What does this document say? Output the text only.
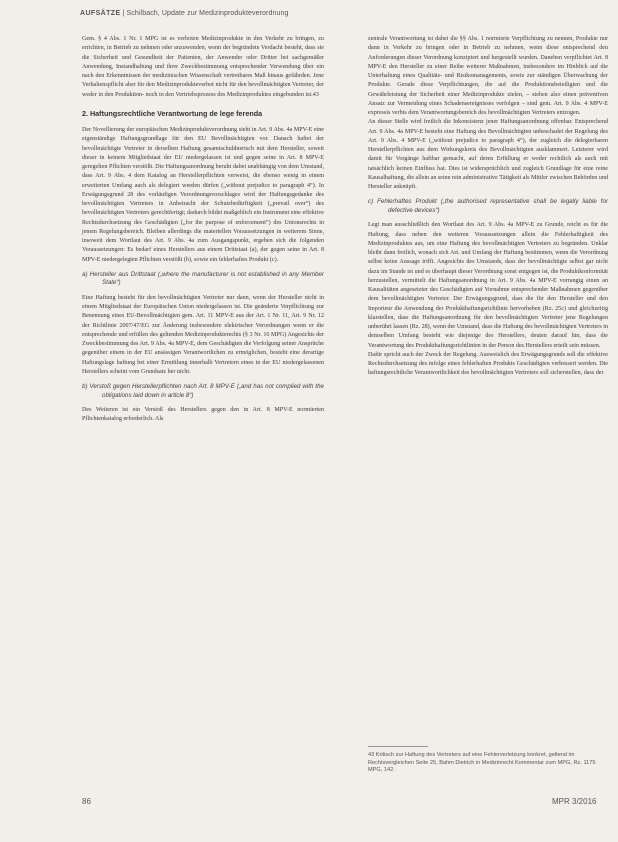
AUFSÄTZE | Schilbach, Update zur Medizinprodukteverordnung

Gem. § 4 Abs. 1 Nr. 1 MPG ist es verboten Medizinprodukte in den Verkehr zu bringen, zu errichten, in Betrieb zu nehmen oder anzuwenden, wenn der begründete Verdacht besteht, dass sie die Sicherheit und Gesundheit der Patienten, der Anwender oder Dritter bei sachgemäßer Anwendung, Instandhaltung und ihrer Zweckbestimmung entsprechender Verwendung über ein nach den Erkenntnissen der medizinischen Wissenschaft vertretbares Maß hinaus gefährden. Jene Verhaltenspflicht aber für den Medizinprodukteverbot nicht für den bevollmächtigten Vertreter, der weder in den Produktion- noch in den Vertriebsprozess des Medizinproduktes eingebunden ist.43

2. Haftungsrechtliche Verantwortung de lege ferenda

Der Novellierung der europäischen Medizinproduktverordnung sieht in Art. 9 Abs. 4a MPV-E eine eigenständige Haftungsgrundlage für den EU Bevollmächtigten vor. Danach haftet der bevollmächtigte Vertreter in derselben Haftung gesamtschuldnerisch mit dem Hersteller, soweit dieser in keinem Mitgliedstaat der EU niedergelassen ist und gegen seine in Art. 8 MPV-E geregelten Pflichten verstößt. Die Haftungsanordnung beruht dabei unabhängig von dem Umstand, dass Art. 9 Abs. 4 dem Katalog an Herstellerpflichten verweist, die ebenso wenig in einem erweiterten Umfang auch als delegiert werden dürfen („without prejudice to paragraph 4“). In Erwägungsgrund 28 des vorläufigen Verordnungsvorschlages wird der Haftungsgedanke des bevollmächtigten Vertreters in Anbetracht der Schutzbedürftigkeit („prevail over“) des bevollmächtigten Vertreters gerechtfertigt; dadurch bildet maßgeblich ein Instrument eine effektive Rechtsdurchsetzung des Geschädigten („for the purpose of enforcement“) des Unionsrechts in jenem Regelungsbereich. Bleiben allerdings die materiellen Voraussetzungen in weiterem Sinne, insoweit dem Wortlaut des Art. 9 Abs. 4a zum Ausgangspunkt, ergeben sich die folgenden Voraussetzungen: Es bedarf eines Herstellers aus einem Drittstaat (a), der gegen seine in Art. 8 MPV-E niedergelegten Pflichten verstößt (b), sowie ein fehlerhaftes Produkt (c).

a) Hersteller aus Drittstaat („where the manufacturer is not established in any Member State“)

Eine Haftung besteht für den bevollmächtigten Vertreter nur dann, wenn der Hersteller nicht in einem Mitgliedstaat der Europäischen Union niedergelassen ist. Die geänderte Verpflichtung zur Benennung eines EU-Bevollmächtigten gem. Art. 11 MPV-E aus der Art. 1 Nr. 11, Art. 9 Nr. 12 der Richtlinie 2007/47/EG zur Änderung insbesondere elektrischer Verordnungen wenn er die entsprechende und erfüllen des geltenden Medizinprodukterechts (§ 3 Nr. 16 MPG) Angesichts der Zweckbestimmung des Art. 9 Abs. 4a MPV-E, dem Geschädigten die Verfolgung seiner Ansprüche gegenüber einem in der EU ansässigen Verantwortlichen zu ermöglichen, besteht eine derartige Haftungslage haftung bei einer Ermittlung innerhalb Vertretern eines in der EU niedergelassenen Herstellers scheint vom Grundsatz her nicht.

b) Verstoß gegen Herstellerpflichten nach Art. 8 MPV-E („and has not complied with the obligations laid down in article 8“)

Des Weiteren ist ein Verstoß des Herstellers gegen den in Art. 8 MPV-E normierten Pflichtenkatalog erforderlich. Als

zentrale Verantwortung ist dabei die §§ Abs. 1 normierte Verpflichtung zu nennen, Produkte nur dann in Verkehr zu bringen oder in Betrieb zu nehmen, wenn diese entsprechend den Anforderungen dieser Verordnung konzipiert und hergestellt wurden. Daneben verpflichtet Art. 8 MPV-E den Hersteller zu einer Reihe weiterer Maßnahmen, insbesondere im Hinblick auf die Unterhaltung eines Qualitäts- und Risikomanagements, sowie zur ständigen Überwachung der Produkte. Gerade diese Verpflichtungen, die auf die Produktionsbeteiligten und die Gewährleistung der Sicherheit einer Medizinprodukte zielen, – stehen also einen präventiven Ansatz zur Vermeidung eines Schadensereignisses verfolgen – sind gem. Art. 9 Abs. 4 MPV-E expressis verbis dem Verantwortungsbereich des bevollmächtigten Vertreters entzogen.

An dieser Stelle wird freilich die Inkonsistenz jener Haftungsanordnung offenbar. Entsprechend Art. 9 Abs. 4a MPV-E besteht eine Haftung des Bevollmächtigten unbeschadet der Regelung des Art. 9 Abs. 4 MPV-E („without prejudice to paragraph 4“), der zugleich die delegierbaren Herstellerpflichten aus dem Wirkungskreis des Bevollmächtigten ausklammert. Letzterer wird damit für Vorgänge haftbar gemacht, auf deren Erfüllung er weder rechtlich als auch mit tatsächlich keinen Einfluss hat. Dies ist widersprüchlich und zugleich Grundlage für eine reine Kausalhaftung, die allein an seine rein administrative Tätigkeit als Mittler zwischen Behörden und Hersteller anknüpft.

c) Fehlerhaftes Produkt („the authorised representative shall be legally liable for defective devices“)

Legt man ausschließlich den Wortlaut des Art. 9 Abs. 4a MPV-E zu Grunde, reicht es für die Haftung, dass neben den weiteren Voraussetzungen allein die Fehlerhaftigkeit des Medizinproduktes aus, um eine Haftung des bevollmächtigten Vertreters zu begründen. Unklar bleibt dann freilich, wonach sich Art. und Umfang der Haftung bestimmen, wenn die Verordnung selbst keine Aussage trifft. Angesichts des Umstands, dass der bevollmächtigte selbst gar nicht dazu im Stande ist und es überhaupt dieser Verordnung sonst entgegen ist, die Produktkonformität herzustellen, vermittelt die Haftungsanordnung in Art. 9 Abs. 4a MPV-E vorrangig einen an Kausalitäten angesetzter des Geschädigten auf Vornahme entsprechender Maßnahmen gegenüber dem bevollmächtigten Vertreter. Der Erwägungsgrund, dass die für den Hersteller und den Importeur die Anwendung der Produkthaftungsrichtlinie hervorheben (Rz. 25c) und gleichzeitig klarstellen, dass die Haftungsanordnung für den bevollmächtigten Vertreter jene Regelungen unberührt lassen (Rz. 28), wenn der Umstand, dass die Haftung des bevollmächtigten Vertreters in demselben Umfang besteht wie diejenige des Herstellers, deuten darauf hin, dass die Verantwortung des Produkthaftungsrichtlinien in der Person des Herstellers erteilt sein müssen.

Dafür spricht auch der Zweck der Regelung. Ausweislich des Erwägungsgrunds soll die effektive Rechtsdurchsetzung des infolge eines fehlerhaften Produkts Geschädigten verbessert werden. Die haftungsrechtliche Verantwortlichkeit des bevollmächtigten Vertreters soll sicherstellen, dass der

43 Kritisch zur Haftung des Vertreters auf eine Fehlerverletzung konkret, geltend im Rechtsvergleichen Seite 25, Bahm Dietrich in Medizinrecht Kommentar zum MPG, Rz. 1175 MPG, 142.
86	MPR 3/2016
